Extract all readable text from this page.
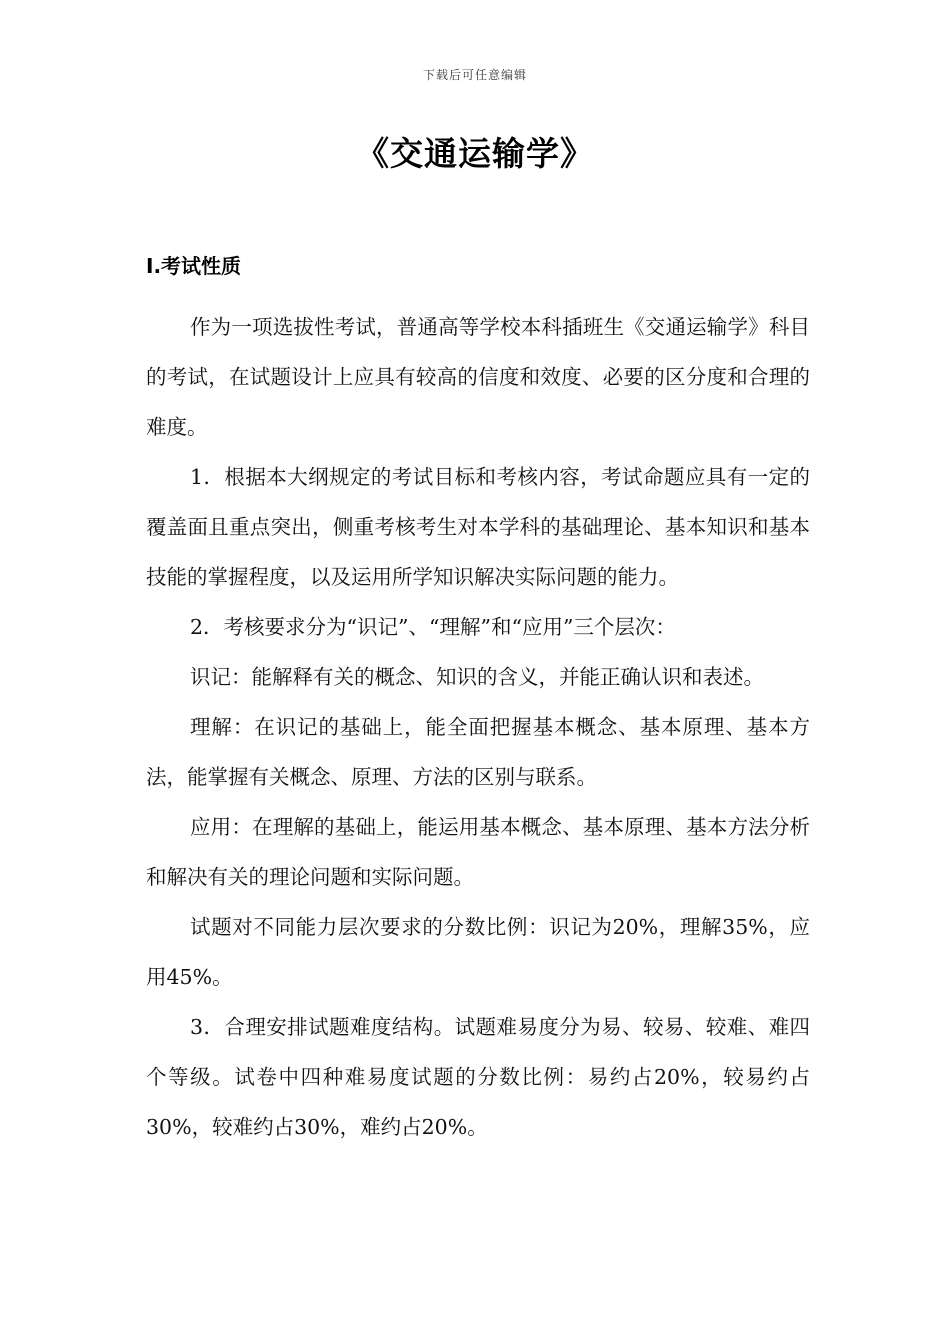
下载后可任意编辑
《交通运输学》
Ⅰ.考试性质

作为一项选拔性考试，普通高等学校本科插班生《交通运输学》科目的考试，在试题设计上应具有较高的信度和效度、必要的区分度和合理的难度。

1．根据本大纲规定的考试目标和考核内容，考试命题应具有一定的覆盖面且重点突出，侧重考核考生对本学科的基础理论、基本知识和基本技能的掌握程度，以及运用所学知识解决实际问题的能力。

2．考核要求分为“识记”、“理解”和“应用”三个层次：

识记：能解释有关的概念、知识的含义，并能正确认识和表述。

理解：在识记的基础上，能全面把握基本概念、基本原理、基本方法，能掌握有关概念、原理、方法的区别与联系。

应用：在理解的基础上，能运用基本概念、基本原理、基本方法分析和解决有关的理论问题和实际问题。

试题对不同能力层次要求的分数比例：识记为20%，理解35%，应用45%。

3．合理安排试题难度结构。试题难易度分为易、较易、较难、难四个等级。试卷中四种难易度试题的分数比例：易约占20%，较易约占30%，较难约占30%，难约占20%。
